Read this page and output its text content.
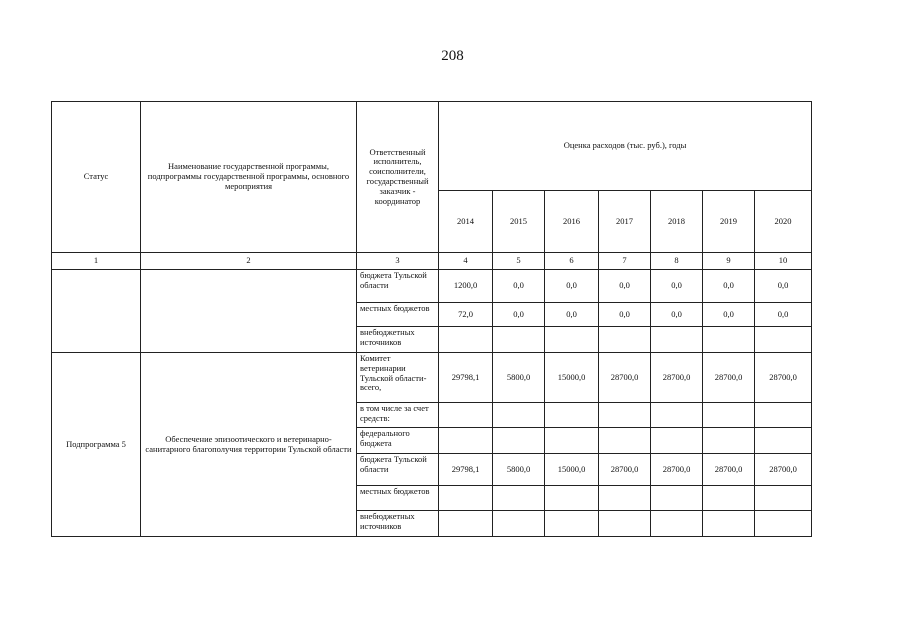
208
Статус	Наименование государственной программы, подпрограммы государственной программы, основного мероприятия	Ответственный исполнитель, соисполнители, государственный заказчик - координатор	Оценка расходов (тыс. руб.), годы						
			2014	2015	2016	2017	2018	2019	2020
1	2	3	4	5	6	7	8	9	10
		бюджета Тульской области	1200,0	0,0	0,0	0,0	0,0	0,0	0,0
		местных бюджетов	72,0	0,0	0,0	0,0	0,0	0,0	0,0
		внебюджетных источников							
Подпрограмма 5	Обеспечение эпизоотического и ветеринарно-санитарного благополучия территории Тульской области	Комитет ветеринарии Тульской области- всего,	29798,1	5800,0	15000,0	28700,0	28700,0	28700,0	28700,0
		в том числе за счет средств:							
		федерального бюджета							
		бюджета Тульской области	29798,1	5800,0	15000,0	28700,0	28700,0	28700,0	28700,0
		местных бюджетов							
		внебюджетных источников							
